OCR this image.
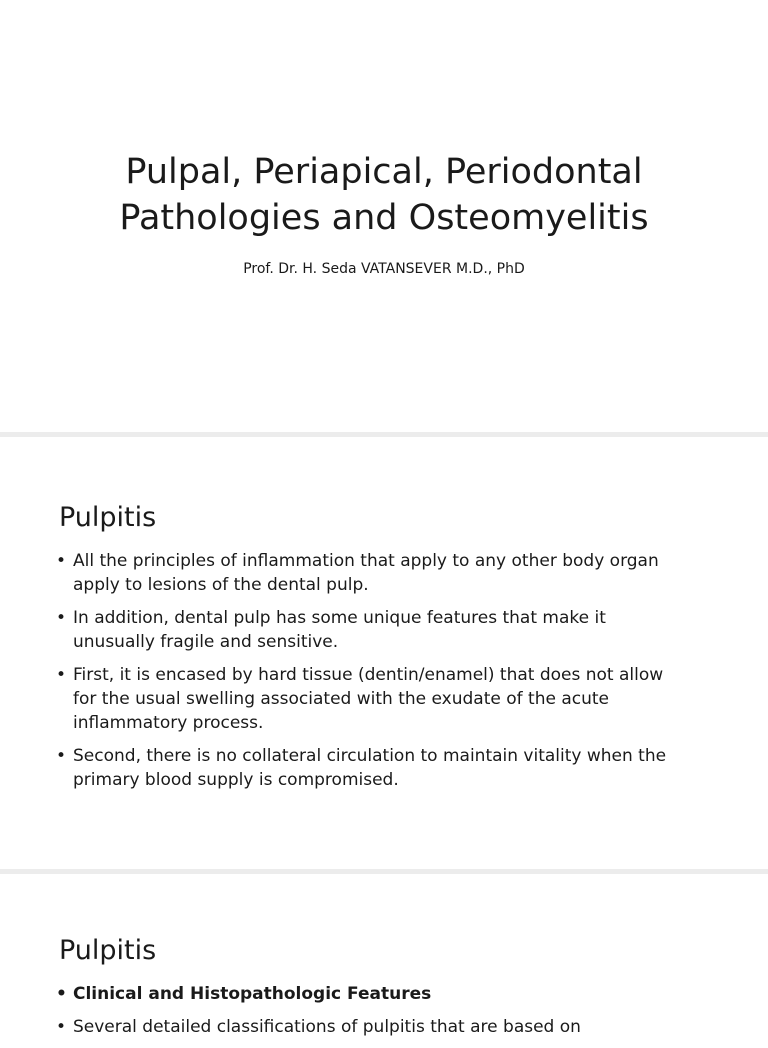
Pulpal, Periapical, Periodontal
Pathologies and Osteomyelitis
Prof. Dr. H. Seda VATANSEVER M.D., PhD
Pulpitis
• All the principles of inflammation that apply to any other body organ
apply to lesions of the dental pulp.
• In addition, dental pulp has some unique features that make it
unusually fragile and sensitive.
• First, it is encased by hard tissue (dentin/enamel) that does not allow
for the usual swelling associated with the exudate of the acute
inflammatory process.
• Second, there is no collateral circulation to maintain vitality when the
primary blood supply is compromised.
Pulpitis
• Clinical and Histopathologic Features
• Several detailed classifications of pulpitis that are based on
